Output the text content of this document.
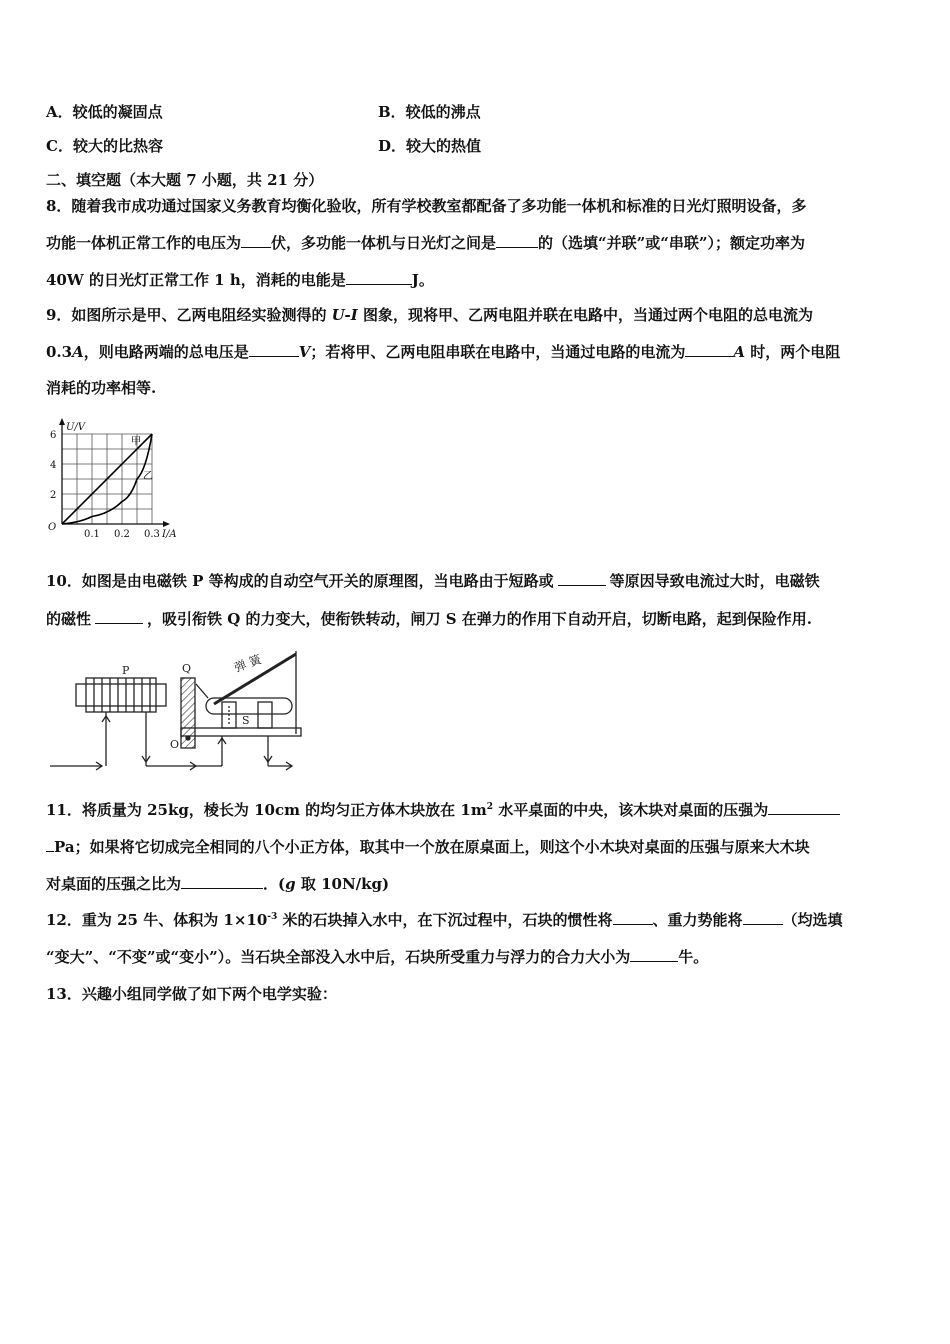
A．较低的凝固点	B．较低的沸点
C．较大的比热容	D．较大的热值
二、填空题（本大题 7 小题，共 21 分）
8．随着我市成功通过国家义务教育均衡化验收，所有学校教室都配备了多功能一体机和标准的日光灯照明设备，多
功能一体机正常工作的电压为 伏，多功能一体机与日光灯之间是	的（选填“并联”或“串联”）；额定功率为
40W 的日光灯正常工作 1 h，消耗的电能是	J。
9．如图所示是甲、乙两电阻经实验测得的 U-I 图象，现将甲、乙两电阻并联在电路中，当通过两个电阻的总电流为
0.3A，则电路两端的总电压是	V；若将甲、乙两电阻串联在电路中，当通过电路的电流为	A 时，两个电阻
消耗的功率相等.
甲
乙
0.1 0.2 0.3
2
4
6
O
I/A
U/V
10．如图是由电磁铁 P 等构成的自动空气开关的原理图，当电路由于短路或	等原因导致电流过大时，电磁铁
的磁性	，吸引衔铁 Q 的力变大，使衔铁转动，闸刀 S 在弹力的作用下自动开启，切断电路，起到保险作用.
P	Q
O
S
弹 簧
11．将质量为 25kg，棱长为 10cm 的均匀正方体木块放在 $1m^2$ 水平桌面的中央，该木块对桌面的压强为
Pa；如果将它切成完全相同的八个小正方体，取其中一个放在原桌面上，则这个小木块对桌面的压强与原来大木块
对桌面的压强之比为	．(g 取 10N/kg)
12．重为 25 牛、体积为 $1\times 10^{-3}$ 米的石块掉入水中，在下沉过程中，石块的惯性将	、重力势能将	（均选填
“变大”、“不变”或“变小”）。当石块全部没入水中后，石块所受重力与浮力的合力大小为	牛。
13．兴趣小组同学做了如下两个电学实验：
